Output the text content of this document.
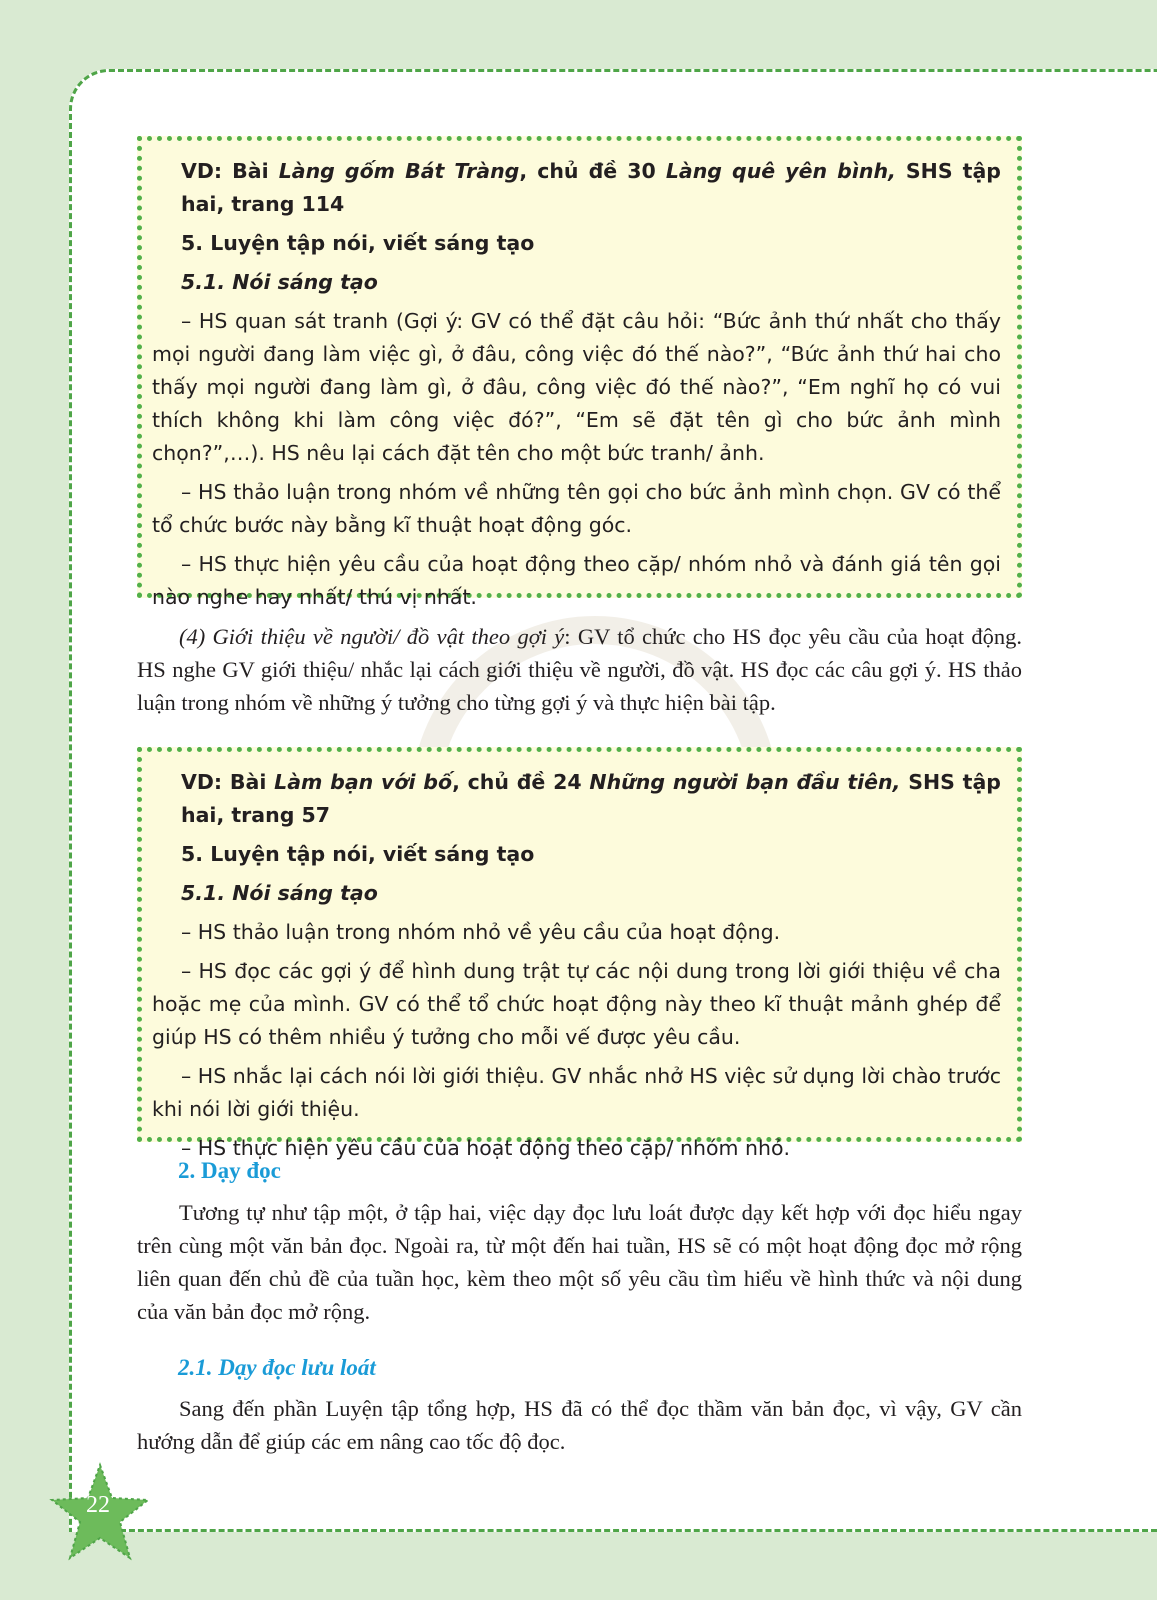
VD: Bài Làng gốm Bát Tràng, chủ đề 30 Làng quê yên bình, SHS tập hai, trang 114

5. Luyện tập nói, viết sáng tạo

5.1. Nói sáng tạo

– HS quan sát tranh (Gợi ý: GV có thể đặt câu hỏi: “Bức ảnh thứ nhất cho thấy mọi người đang làm việc gì, ở đâu, công việc đó thế nào?”, “Bức ảnh thứ hai cho thấy mọi người đang làm gì, ở đâu, công việc đó thế nào?”, “Em nghĩ họ có vui thích không khi làm công việc đó?”, “Em sẽ đặt tên gì cho bức ảnh mình chọn?”,…). HS nêu lại cách đặt tên cho một bức tranh/ ảnh.

– HS thảo luận trong nhóm về những tên gọi cho bức ảnh mình chọn. GV có thể tổ chức bước này bằng kĩ thuật hoạt động góc.

– HS thực hiện yêu cầu của hoạt động theo cặp/ nhóm nhỏ và đánh giá tên gọi nào nghe hay nhất/ thú vị nhất.

(4) Giới thiệu về người/ đồ vật theo gợi ý: GV tổ chức cho HS đọc yêu cầu của hoạt động. HS nghe GV giới thiệu/ nhắc lại cách giới thiệu về người, đồ vật. HS đọc các câu gợi ý. HS thảo luận trong nhóm về những ý tưởng cho từng gợi ý và thực hiện bài tập.

VD: Bài Làm bạn với bố, chủ đề 24 Những người bạn đầu tiên, SHS tập hai, trang 57

5. Luyện tập nói, viết sáng tạo

5.1. Nói sáng tạo

– HS thảo luận trong nhóm nhỏ về yêu cầu của hoạt động.

– HS đọc các gợi ý để hình dung trật tự các nội dung trong lời giới thiệu về cha hoặc mẹ của mình. GV có thể tổ chức hoạt động này theo kĩ thuật mảnh ghép để giúp HS có thêm nhiều ý tưởng cho mỗi vế được yêu cầu.

– HS nhắc lại cách nói lời giới thiệu. GV nhắc nhở HS việc sử dụng lời chào trước khi nói lời giới thiệu.

– HS thực hiện yêu cầu của hoạt động theo cặp/ nhóm nhỏ.

2. Dạy đọc

Tương tự như tập một, ở tập hai, việc dạy đọc lưu loát được dạy kết hợp với đọc hiểu ngay trên cùng một văn bản đọc. Ngoài ra, từ một đến hai tuần, HS sẽ có một hoạt động đọc mở rộng liên quan đến chủ đề của tuần học, kèm theo một số yêu cầu tìm hiểu về hình thức và nội dung của văn bản đọc mở rộng.

2.1. Dạy đọc lưu loát

Sang đến phần Luyện tập tổng hợp, HS đã có thể đọc thầm văn bản đọc, vì vậy, GV cần hướng dẫn để giúp các em nâng cao tốc độ đọc.

22
